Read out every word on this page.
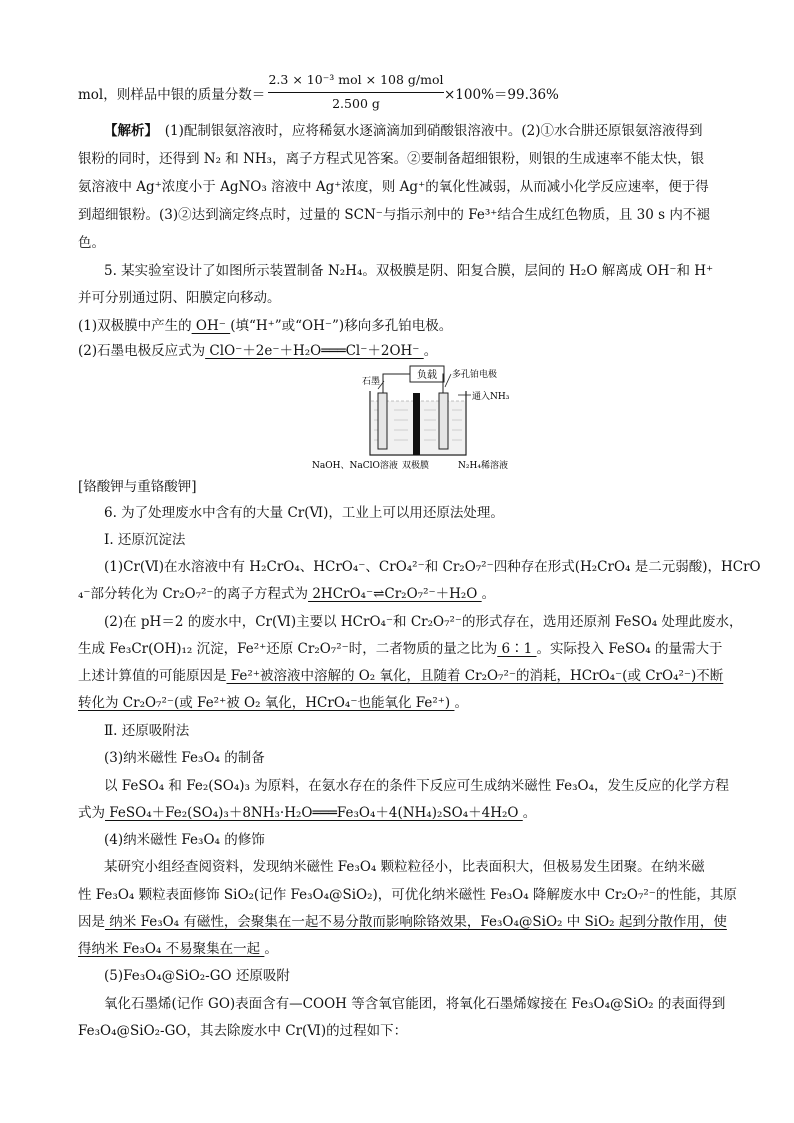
mol，则样品中银的质量分数＝
2.3 × 10⁻³ mol × 108 g/mol
2.500 g
×100%＝99.36%
【解析】　(1)配制银氨溶液时，应将稀氨水逐滴滴加到硝酸银溶液中。(2)①水合肼还原银氨溶液得到
银粉的同时，还得到 N₂ 和 NH₃，离子方程式见答案。②要制备超细银粉，则银的生成速率不能太快，银
氨溶液中 Ag⁺浓度小于 AgNO₃ 溶液中 Ag⁺浓度，则 Ag⁺的氧化性减弱，从而减小化学反应速率，便于得
到超细银粉。(3)②达到滴定终点时，过量的 SCN⁻与指示剂中的 Fe³⁺结合生成红色物质，且 30 s 内不褪
色。
5. 某实验室设计了如图所示装置制备 N₂H₄。双极膜是阴、阳复合膜，层间的 H₂O 解离成 OH⁻和 H⁺
并可分别通过阴、阳膜定向移动。
(1)双极膜中产生的 OH⁻ (填“H⁺”或“OH⁻”)移向多孔铂电极。
(2)石墨电极反应式为 ClO⁻＋2e⁻＋H₂O═══Cl⁻＋2OH⁻ 。
负载
石墨
多孔铂电极
通入NH₃
NaOH、NaClO溶液 双极膜	N₂H₄稀溶液
[铬酸钾与重铬酸钾]
6. 为了处理废水中含有的大量 Cr(Ⅵ)，工业上可以用还原法处理。
Ⅰ. 还原沉淀法
(1)Cr(Ⅵ)在水溶液中有 H₂CrO₄、HCrO₄⁻、CrO₄²⁻和 Cr₂O₇²⁻四种存在形式(H₂CrO₄ 是二元弱酸)，HCrO
₄⁻部分转化为 Cr₂O₇²⁻的离子方程式为 2HCrO₄⁻⇌Cr₂O₇²⁻＋H₂O 。
(2)在 pH＝2 的废水中，Cr(Ⅵ)主要以 HCrO₄⁻和 Cr₂O₇²⁻的形式存在，选用还原剂 FeSO₄ 处理此废水，
生成 Fe₃Cr(OH)₁₂ 沉淀，Fe²⁺还原 Cr₂O₇²⁻时，二者物质的量之比为 6∶1 。实际投入 FeSO₄ 的量需大于
上述计算值的可能原因是 Fe²⁺被溶液中溶解的 O₂ 氧化，且随着 Cr₂O₇²⁻的消耗，HCrO₄⁻(或 CrO₄²⁻)不断
转化为 Cr₂O₇²⁻(或 Fe²⁺被 O₂ 氧化，HCrO₄⁻也能氧化 Fe²⁺) 。
Ⅱ. 还原吸附法
(3)纳米磁性 Fe₃O₄ 的制备
以 FeSO₄ 和 Fe₂(SO₄)₃ 为原料，在氨水存在的条件下反应可生成纳米磁性 Fe₃O₄，发生反应的化学方程
式为 FeSO₄＋Fe₂(SO₄)₃＋8NH₃·H₂O═══Fe₃O₄＋4(NH₄)₂SO₄＋4H₂O 。
(4)纳米磁性 Fe₃O₄ 的修饰
某研究小组经查阅资料，发现纳米磁性 Fe₃O₄ 颗粒粒径小，比表面积大，但极易发生团聚。在纳米磁
性 Fe₃O₄ 颗粒表面修饰 SiO₂(记作 Fe₃O₄@SiO₂)，可优化纳米磁性 Fe₃O₄ 降解废水中 Cr₂O₇²⁻的性能，其原
因是 纳米 Fe₃O₄ 有磁性，会聚集在一起不易分散而影响除铬效果，Fe₃O₄@SiO₂ 中 SiO₂ 起到分散作用，使
得纳米 Fe₃O₄ 不易聚集在一起 。
(5)Fe₃O₄@SiO₂-GO 还原吸附
氧化石墨烯(记作 GO)表面含有—COOH 等含氧官能团，将氧化石墨烯嫁接在 Fe₃O₄@SiO₂ 的表面得到
Fe₃O₄@SiO₂-GO，其去除废水中 Cr(Ⅵ)的过程如下：
